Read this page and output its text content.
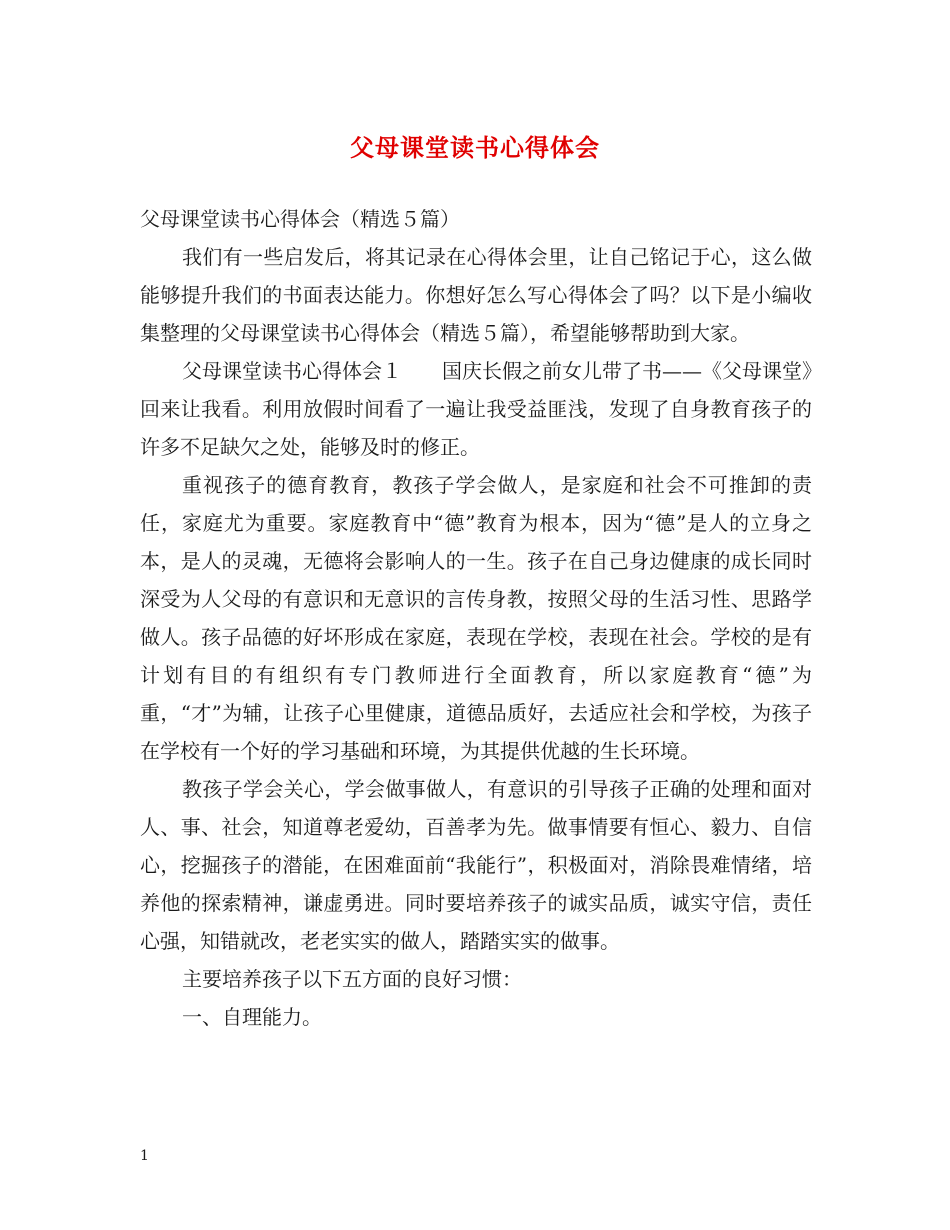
父母课堂读书心得体会

父母课堂读书心得体会（精选５篇）

我们有一些启发后，将其记录在心得体会里，让自己铭记于心，这么做能够提升我们的书面表达能力。你想好怎么写心得体会了吗？以下是小编收集整理的父母课堂读书心得体会（精选５篇），希望能够帮助到大家。

父母课堂读书心得体会１　　国庆长假之前女儿带了书——《父母课堂》回来让我看。利用放假时间看了一遍让我受益匪浅，发现了自身教育孩子的许多不足缺欠之处，能够及时的修正。

重视孩子的德育教育，教孩子学会做人，是家庭和社会不可推卸的责任，家庭尤为重要。家庭教育中“德”教育为根本，因为“德”是人的立身之本，是人的灵魂，无德将会影响人的一生。孩子在自己身边健康的成长同时深受为人父母的有意识和无意识的言传身教，按照父母的生活习性、思路学做人。孩子品德的好坏形成在家庭，表现在学校，表现在社会。学校的是有计划有目的有组织有专门教师进行全面教育，所以家庭教育“德”为重，“才”为辅，让孩子心里健康，道德品质好，去适应社会和学校，为孩子在学校有一个好的学习基础和环境，为其提供优越的生长环境。

教孩子学会关心，学会做事做人，有意识的引导孩子正确的处理和面对人、事、社会，知道尊老爱幼，百善孝为先。做事情要有恒心、毅力、自信心，挖掘孩子的潜能，在困难面前“我能行”，积极面对，消除畏难情绪，培养他的探索精神，谦虚勇进。同时要培养孩子的诚实品质，诚实守信，责任心强，知错就改，老老实实的做人，踏踏实实的做事。

主要培养孩子以下五方面的良好习惯：

一、自理能力。

1
